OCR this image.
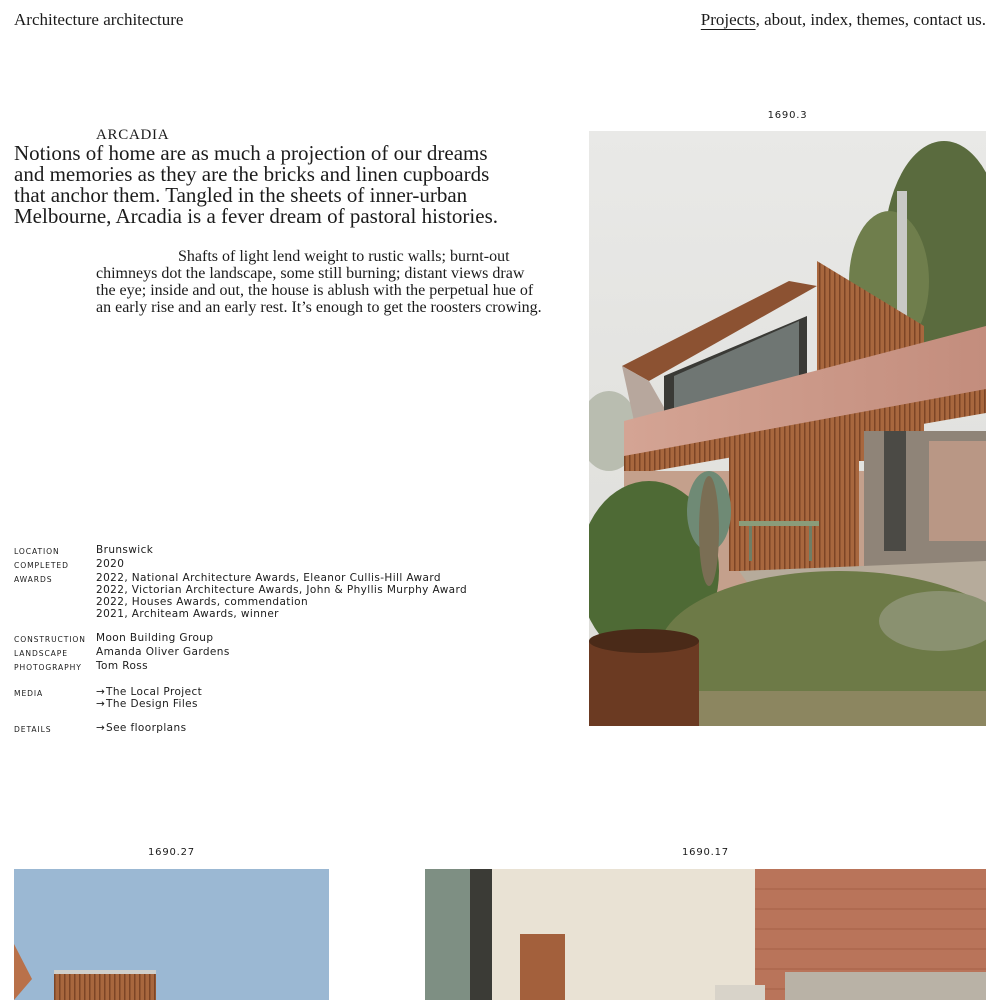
Architecture architecture	Projects , about , index , themes , contact us.
ARCADIA

Notions of home are as much a projection of our dreams and memories as they are the bricks and linen cupboards that anchor them. Tangled in the sheets of inner-urban Melbourne, Arcadia is a fever dream of pastoral histories.

Shafts of light lend weight to rustic walls; burnt-out chimneys dot the landscape, some still burning; distant views draw the eye; inside and out, the house is ablush with the perpetual hue of an early rise and an early rest. It’s enough to get the roosters crowing.

LOCATION	Brunswick
COMPLETED	2020
AWARDS	2022, National Architecture Awards, Eleanor Cullis-Hill Award
2022, Victorian Architecture Awards, John & Phyllis Murphy Award
2022, Houses Awards, commendation
2021, Architeam Awards, winner
CONSTRUCTION Moon Building Group
LANDSCAPE	Amanda Oliver Gardens
PHOTOGRAPHY	Tom Ross
MEDIA	→The Local Project
→The Design Files
DETAILS	→See floorplans
1690.3
1690.27	1690.17
